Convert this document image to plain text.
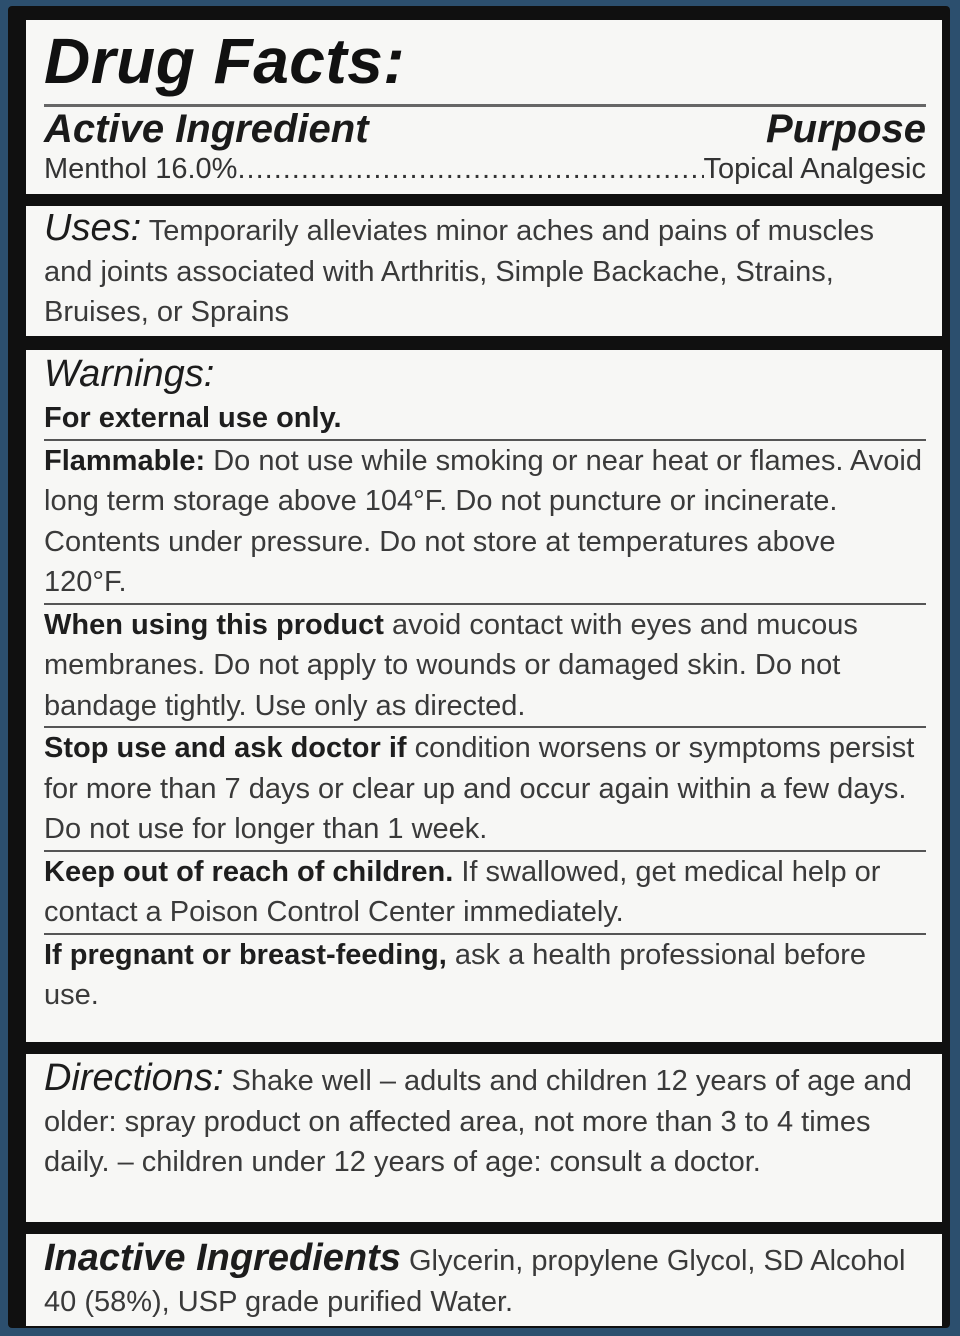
Drug Facts:
Active Ingredient	Purpose
Menthol 16.0%
.....	Topical Analgesic

Uses: Temporarily alleviates minor aches and pains of muscles and joints associated with Arthritis, Simple Backache, Strains, Bruises, or Sprains

Warnings:

For external use only.

Flammable: Do not use while smoking or near heat or flames. Avoid long term storage above 104°F. Do not puncture or incinerate. Contents under pressure. Do not store at temperatures above 120°F.

When using this product avoid contact with eyes and mucous membranes. Do not apply to wounds or damaged skin. Do not bandage tightly. Use only as directed.

Stop use and ask doctor if condition worsens or symptoms persist for more than 7 days or clear up and occur again within a few days. Do not use for longer than 1 week.

Keep out of reach of children. If swallowed, get medical help or contact a Poison Control Center immediately.

If pregnant or breast-feeding, ask a health professional before use.

Directions: Shake well – adults and children 12 years of age and older: spray product on affected area, not more than 3 to 4 times daily. – children under 12 years of age: consult a doctor.

Inactive Ingredients Glycerin, propylene Glycol, SD Alcohol 40 (58%), USP grade purified Water.
